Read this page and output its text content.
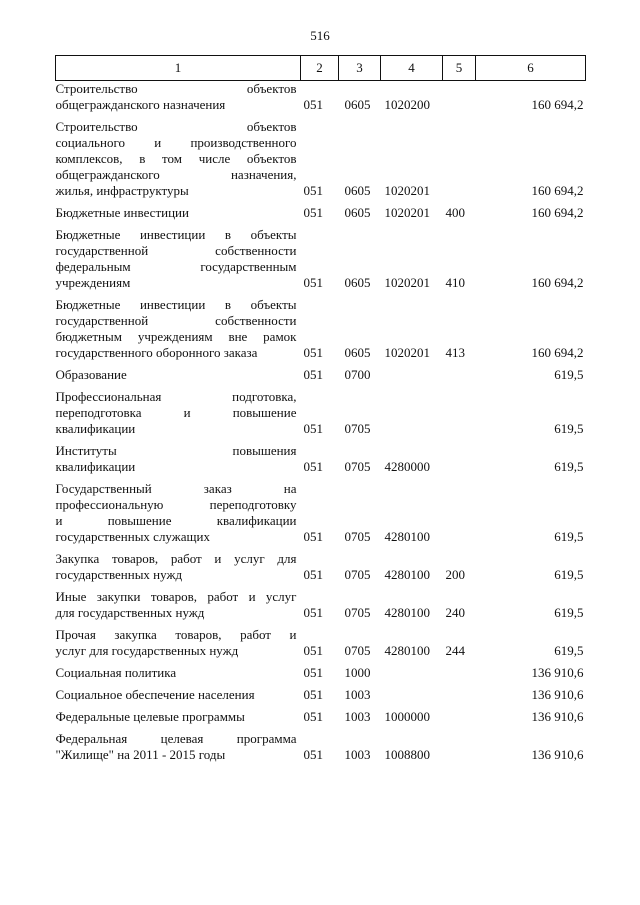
516
1	2	3	4	5	6

Строительство объектов
общегражданского назначения	051	0605	1020200		160 694,2

Строительство объектов
социального и производственного
комплексов, в том числе объектов
общегражданского назначения,
жилья, инфраструктуры	051	0605	1020201		160 694,2

Бюджетные инвестиции	051	0605	1020201	400	160 694,2

Бюджетные инвестиции в объекты
государственной собственности
федеральным государственным
учреждениям	051	0605	1020201	410	160 694,2

Бюджетные инвестиции в объекты
государственной собственности
бюджетным учреждениям вне рамок
государственного оборонного заказа	051	0605	1020201	413	160 694,2

Образование	051	0700			619,5

Профессиональная подготовка,
переподготовка и повышение
квалификации	051	0705			619,5

Институты повышения
квалификации	051	0705	4280000		619,5

Государственный заказ на
профессиональную переподготовку
и повышение квалификации
государственных служащих	051	0705	4280100		619,5

Закупка товаров, работ и услуг для
государственных нужд	051	0705	4280100	200	619,5

Иные закупки товаров, работ и услуг
для государственных нужд	051	0705	4280100	240	619,5

Прочая закупка товаров, работ и
услуг для государственных нужд	051	0705	4280100	244	619,5

Социальная политика	051	1000			136 910,6

Социальное обеспечение населения	051	1003			136 910,6

Федеральные целевые программы	051	1003	1000000		136 910,6

Федеральная целевая программа
"Жилище" на 2011 - 2015 годы	051	1003	1008800		136 910,6
